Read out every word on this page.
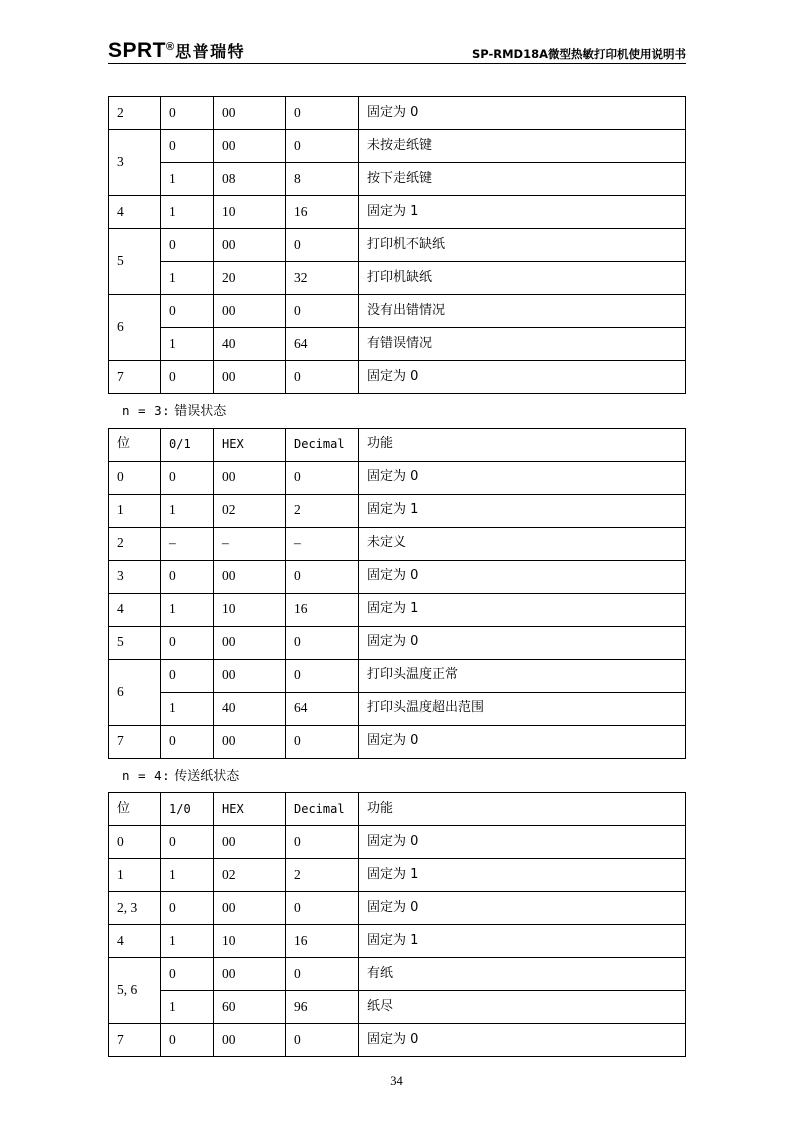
SPRT ® 思普瑞特	SP-RMD18A微型热敏打印机使用说明书
2	0	00	0	固定为 0
3	0	00	0	未按走纸键
	1	08	8	按下走纸键
4	1	10	16	固定为 1
5	0	00	0	打印机不缺纸
	1	20	32	打印机缺纸
6	0	00	0	没有出错情况
	1	40	64	有错误情况
7	0	00	0	固定为 0
n = 3: 错误状态
位	0/1	HEX	Decimal	功能
0	0	00	0	固定为 0
1	1	02	2	固定为 1
2	–	–	–	未定义
3	0	00	0	固定为 0
4	1	10	16	固定为 1
5	0	00	0	固定为 0
6	0	00	0	打印头温度正常
	1	40	64	打印头温度超出范围
7	0	00	0	固定为 0
n = 4: 传送纸状态
位	1/0	HEX	Decimal	功能
0	0	00	0	固定为 0
1	1	02	2	固定为 1
2, 3	0	00	0	固定为 0
4	1	10	16	固定为 1
5, 6	0	00	0	有纸
	1	60	96	纸尽
7	0	00	0	固定为 0
34
